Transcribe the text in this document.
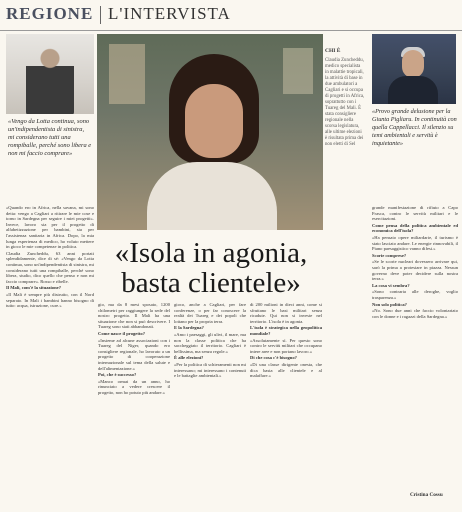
REGIONE L'INTERVISTA
«Vengo da Lotta continua, sono un'indipendentista di sinistra, mi considerano tutti una rompiballe, perché sono libera e non mi faccio comprare»
CHI È
Claudia Zuncheddu, medico specialista in malattie tropicali, la attività di base in due ambulatori a Cagliari e si occupa di progetti in Africa, soprattutto con i Tuareg del Mali. È stata consigliere regionale nella scorsa legislatura, alle ultime elezioni è risultata prima dei non eletti di Sel
«Provo grande delusione per la Giunta Pigliaru. In continuità con quella Cappellacci. Il silenzio su temi ambientali e servitù è inquietante»
«Isola in agonia, basta clientele»

«Quando ero in Africa, nella savana, mi sono detta: vengo a Cagliari a ritirare le mie cose e torno in Sardegna per seguire i miei progetti». Invece, lavoro sia per il progetto di alfabetizzazione per bambini, sia per l'assistenza sanitaria in Africa. Dopo, la mia lunga esperienza di medico, ho voluto mettere in gioco le mie competenze in politica.

Claudia Zuncheddu, 63 anni portati splendidamente, dice di sé: «Vengo da Lotta continua, sono un'indipendentista di sinistra, mi considerano tutti una rompiballe, perché sono libera, studio, dico quello che penso e non mi faccio comprare». Rosso e ribelle.

Il Mali, com'è la situazione?

«Il Mali è sempre più distrutto, con il Nord separato. In Mali i bambini hanno bisogno di tutto: acqua, istruzione, cure.»	gio, ma da 8 mesi sposato, 1200 chilometri per raggiungere la sede del nostro progetto. Il Mali ha una situazione che non si può descrivere. I Tuareg sono stati abbandonati.

Come nasce il progetto?

«Insieme ad alcune associazioni con i Tuareg del Niger, quando ero consigliere regionale, ho lavorato a un progetto di cooperazione internazionale sul tema della salute e dell'alimentazione.»

Poi, che è successo?

«Manco ormai da un anno, ho rinunciato a vedere crescere il progetto, non ho potuto più andare.»

gioco, anche a Cagliari, per fare conferenze, o per far conoscere la realtà dei Tuareg e dei popoli che lottano per la propria terra.

E la Sardegna?

«Amo i paesaggi, gli ulivi, il mare, ma non la classe politica che ha saccheggiato il territorio. Cagliari è bellissima, ma senza regole.»

È alle elezioni?

«Per la politica di schieramenti non mi interessano; mi interessano i contenuti e le battaglie ambientali.»

di 200 milioni in dieci anni, come si sfruttano le basi militari senza ricadute. Qui non si investe nel territorio. L'isola è in agonia.

L'isola è strategica nella geopolitica mondiale?

«Assolutamente sì. Per questo sono contro le servitù militari che occupano intere aree e non portano lavoro.»

Di che cosa c'è bisogno?

«Di una classe dirigente onesta, che dica basta alle clientele e al malaffare.»

grande manifestazione di rifiuto a Capo Frasca, contro le servitù militari e le esercitazioni.

Come pensa della politica ambientale ed economica dell'isola?

«Ha pensato opere miliardarie, il turismo è stato lasciato andare. Le energie rinnovabili, il Piano paesaggistico vanno difesi.»

Scorie comprese?

«Se le scorie nucleari dovessero arrivare qui, sarò la prima a protestare in piazza. Nessun governo deve poter decidere sulla nostra terra.»

La cosa vi sembra?

«Sono contraria alle deroghe, voglio trasparenza.»

Non solo politica?

«No. Sono due anni che faccio volontariato con le donne e i ragazzi della Sardegna.»

Cristina Cossu
